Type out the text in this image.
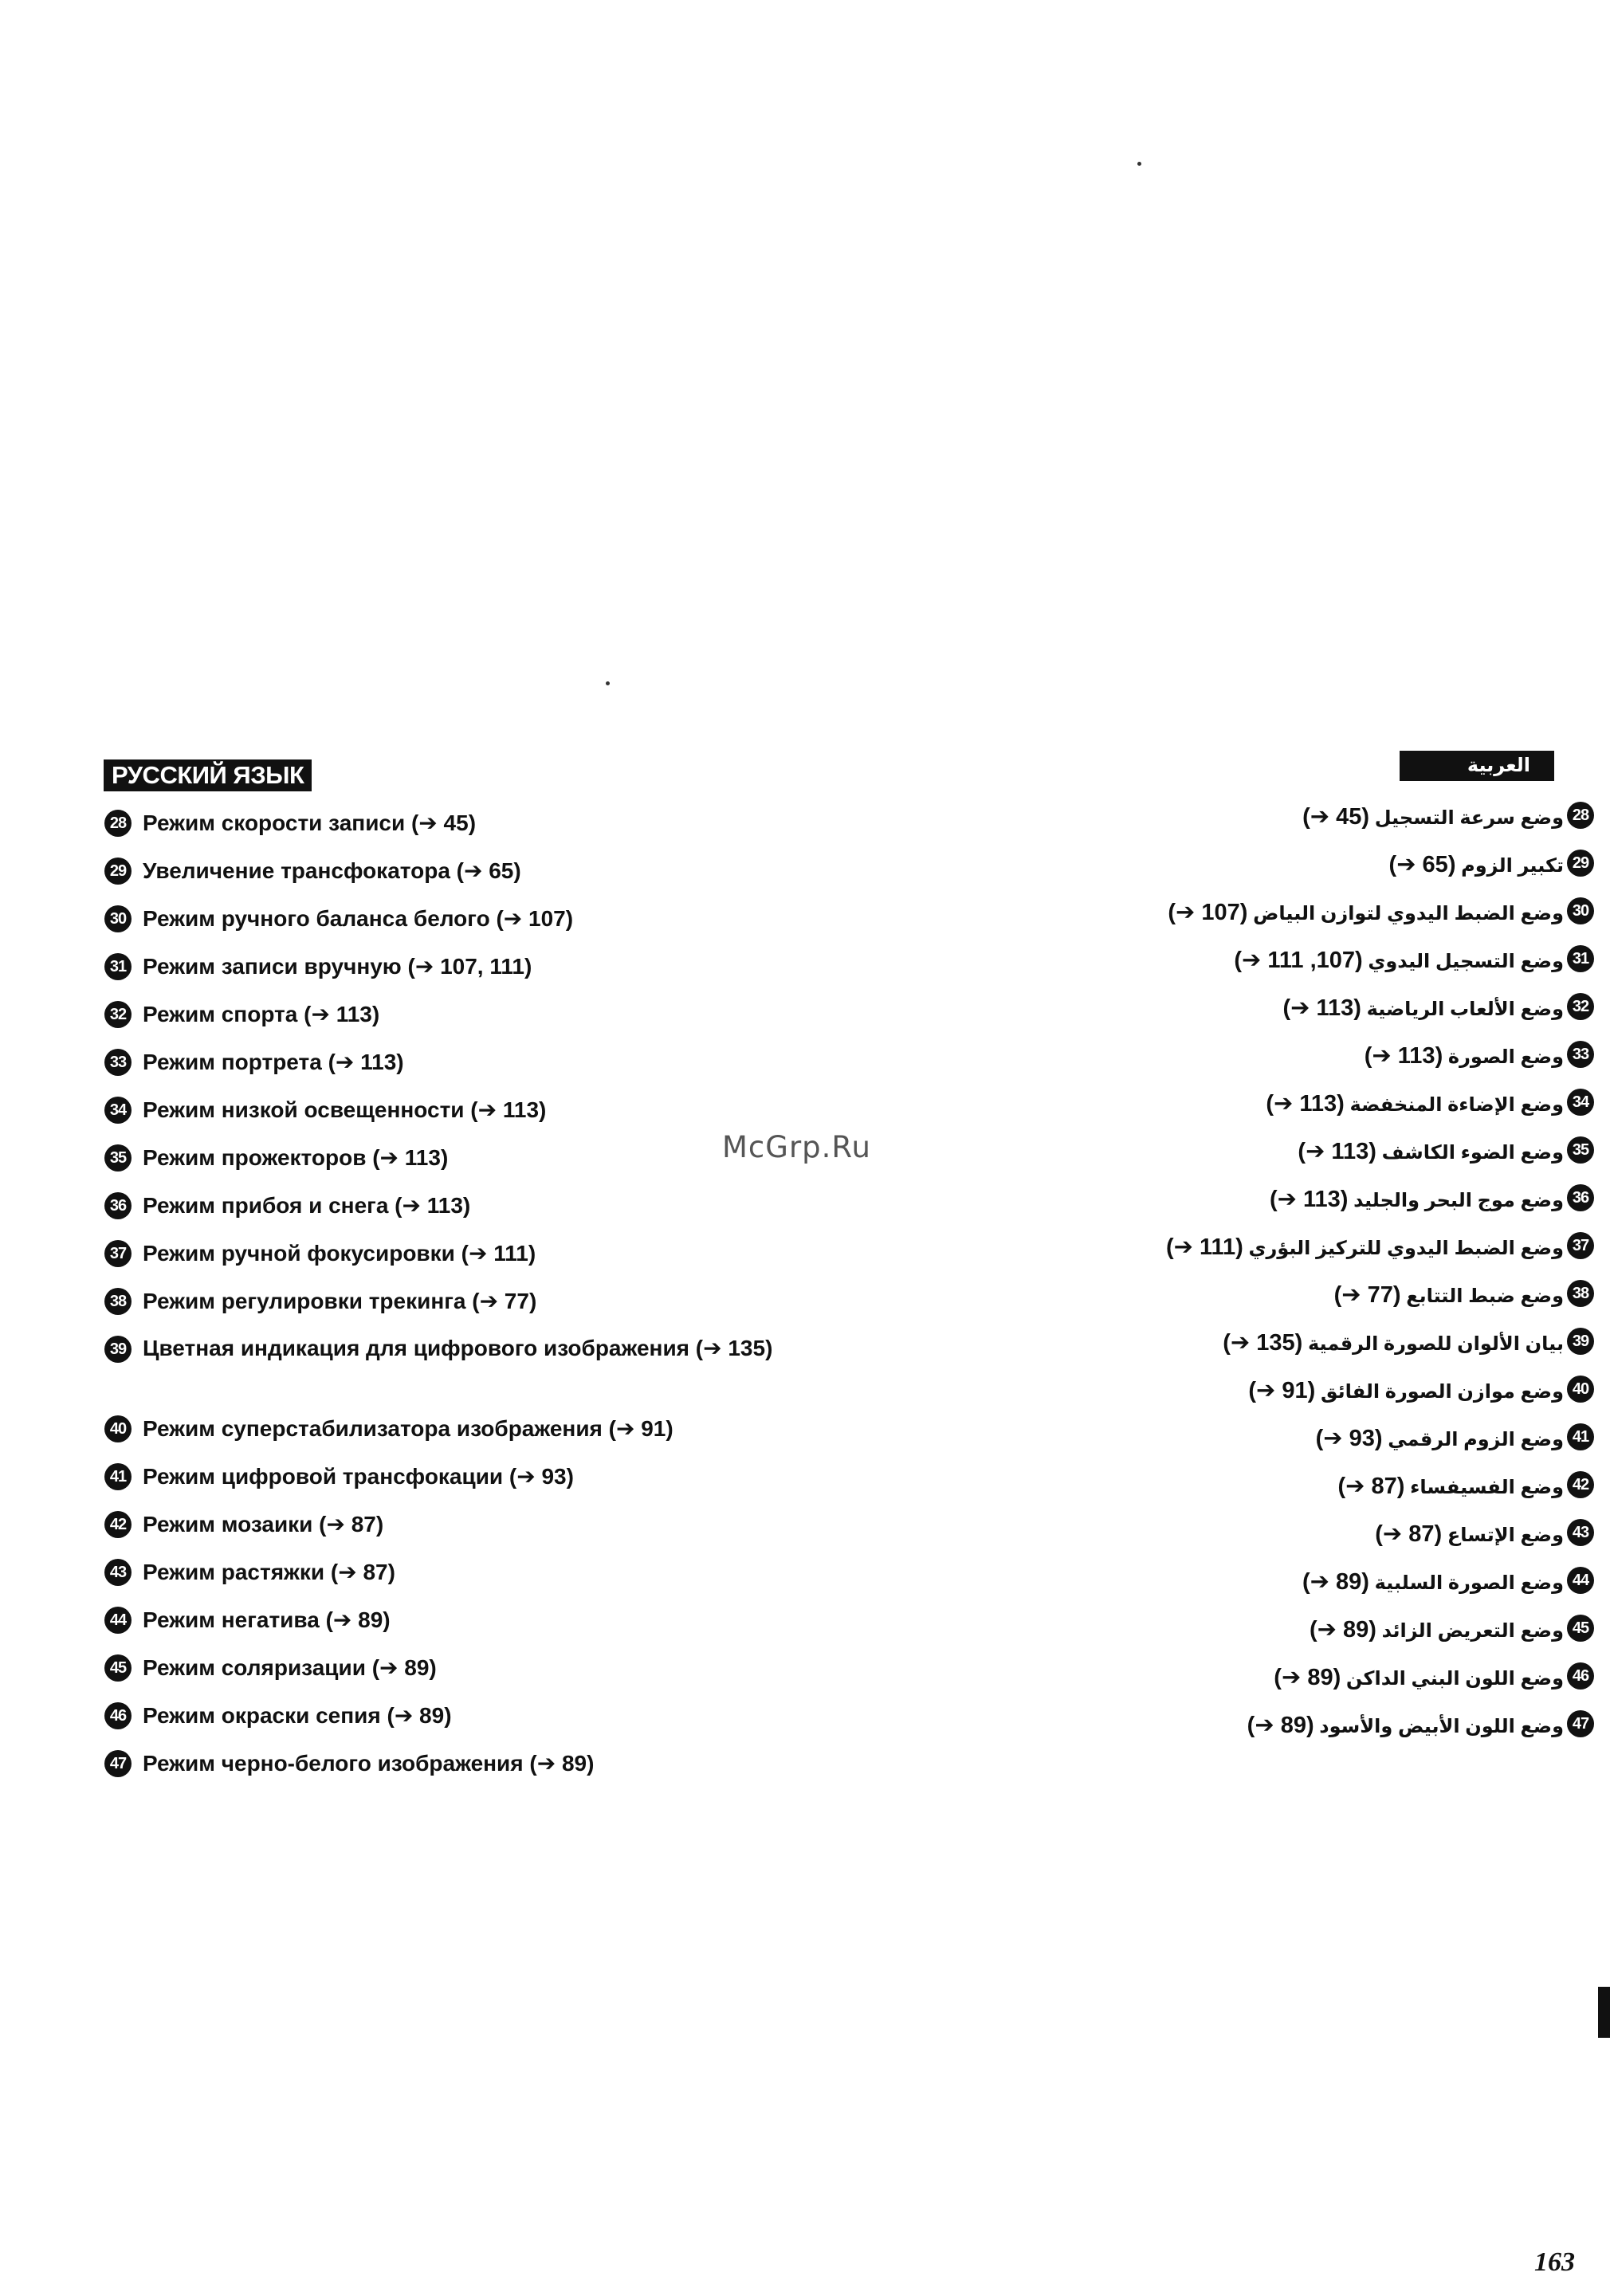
РУССКИЙ ЯЗЫК	العربية
28 Режим скорости записи (➔ 45)
29 Увеличение трансфокатора (➔ 65)
30 Режим ручного баланса белого (➔ 107)
31 Режим записи вручную (➔ 107, 111)
32 Режим спорта (➔ 113)
33 Режим портрета (➔ 113)
34 Режим низкой освещенности (➔ 113)
35 Режим прожекторов (➔ 113)
36 Режим прибоя и снега (➔ 113)
37 Режим ручной фокусировки (➔ 111)
38 Режим регулировки трекинга (➔ 77)
39 Цветная индикация для цифрового изображения (➔ 135)
40 Режим суперстабилизатора изображения (➔ 91)
41 Режим цифровой трансфокации (➔ 93)
42 Режим мозаики (➔ 87)
43 Режим растяжки (➔ 87)
44 Режим негатива (➔ 89)
45 Режим соляризации (➔ 89)
46 Режим окраски сепия (➔ 89)
47 Режим черно-белого изображения (➔ 89)
28
وضع سرعة التسجيل (45 ➔)
29
تكبير الزوم (65 ➔)
30
وضع الضبط اليدوي لتوازن البياض (107 ➔)
31
وضع التسجيل اليدوي (107, 111 ➔)
32
وضع الألعاب الرياضية (113 ➔)
33
وضع الصورة (113 ➔)
34
وضع الإضاءة المنخفضة (113 ➔)
35
وضع الضوء الكاشف (113 ➔)
36
وضع موج البحر والجليد (113 ➔)
37
وضع الضبط اليدوي للتركيز البؤري (111 ➔)
38
وضع ضبط التتابع (77 ➔)
39
بيان الألوان للصورة الرقمية (135 ➔)
40
وضع موازن الصورة الفائق (91 ➔)
41
وضع الزوم الرقمي (93 ➔)
42
وضع الفسيفساء (87 ➔)
43
وضع الإتساع (87 ➔)
44
وضع الصورة السلبية (89 ➔)
45
وضع التعريض الزائد (89 ➔)
46
وضع اللون البني الداكن (89 ➔)
47
وضع اللون الأبيض والأسود (89 ➔)
McGrp.Ru
163
